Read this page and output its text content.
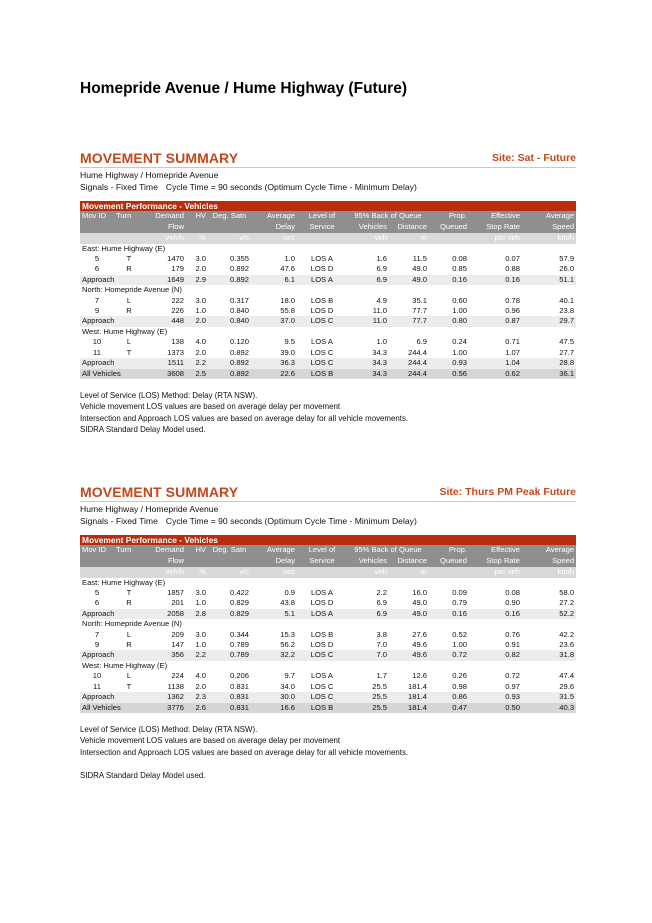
Homepride Avenue / Hume Highway (Future)
MOVEMENT SUMMARY	Site: Sat - Future
Hume Highway / Homepride Avenue
Signals - Fixed Time Cycle Time = 90 seconds (Optimum Cycle Time - Minimum Delay)
Movement Performance - Vehicles											
Mov ID	Turn	Demand	HV	Deg. Satn	Average	Level of	95% Back of Queue		Prop.	Effective	Average
		Flow			Delay	Service	Vehicles	Distance	Queued	Stop Rate	Speed
		veh/h	%	v/c	sec		veh	m		per veh	km/h
East: Hume Highway (E)											
5	T	1470	3.0	0.355	1.0	LOS A	1.6	11.5	0.08	0.07	57.9
6	R	179	2.0	0.892	47.6	LOS D	6.9	49.0	0.85	0.88	26.0
Approach		1649	2.9	0.892	6.1	LOS A	6.9	49.0	0.16	0.16	51.1
North: Homepride Avenue (N)											
7	L	222	3.0	0.317	18.0	LOS B	4.9	35.1	0.60	0.78	40.1
9	R	226	1.0	0.840	55.8	LOS D	11.0	77.7	1.00	0.96	23.8
Approach		448	2.0	0.840	37.0	LOS C	11.0	77.7	0.80	0.87	29.7
West: Hume Highway (E)											
10	L	138	4.0	0.120	9.5	LOS A	1.0	6.9	0.24	0.71	47.5
11	T	1373	2.0	0.892	39.0	LOS C	34.3	244.4	1.00	1.07	27.7
Approach		1511	2.2	0.892	36.3	LOS C	34.3	244.4	0.93	1.04	28.8
All Vehicles		3608	2.5	0.892	22.6	LOS B	34.3	244.4	0.56	0.62	36.1
Level of Service (LOS) Method: Delay (RTA NSW).
Vehicle movement LOS values are based on average delay per movement
Intersection and Approach LOS values are based on average delay for all vehicle movements.
SIDRA Standard Delay Model used.
MOVEMENT SUMMARY	Site: Thurs PM Peak Future
Hume Highway / Homepride Avenue
Signals - Fixed Time Cycle Time = 90 seconds (Optimum Cycle Time - Minimum Delay)
Movement Performance - Vehicles											
Mov ID	Turn	Demand	HV	Deg. Satn	Average	Level of	95% Back of Queue		Prop.	Effective	Average
		Flow			Delay	Service	Vehicles	Distance	Queued	Stop Rate	Speed
		veh/h	%	v/c	sec		veh	m		per veh	km/h
East: Hume Highway (E)											
5	T	1857	3.0	0.422	0.9	LOS A	2.2	16.0	0.09	0.08	58.0
6	R	201	1.0	0.829	43.8	LOS D	6.9	49.0	0.79	0.90	27.2
Approach		2058	2.8	0.829	5.1	LOS A	6.9	49.0	0.16	0.16	52.2
North: Homepride Avenue (N)											
7	L	209	3.0	0.344	15.3	LOS B	3.8	27.6	0.52	0.76	42.2
9	R	147	1.0	0.789	56.2	LOS D	7.0	49.6	1.00	0.91	23.6
Approach		356	2.2	0.789	32.2	LOS C	7.0	49.6	0.72	0.82	31.8
West: Hume Highway (E)											
10	L	224	4.0	0.206	9.7	LOS A	1.7	12.6	0.26	0.72	47.4
11	T	1138	2.0	0.831	34.0	LOS C	25.5	181.4	0.98	0.97	29.6
Approach		1362	2.3	0.831	30.0	LOS C	25.5	181.4	0.86	0.93	31.5
All Vehicles		3776	2.6	0.831	16.6	LOS B	25.5	181.4	0.47	0.50	40.3
Level of Service (LOS) Method: Delay (RTA NSW).
Vehicle movement LOS values are based on average delay per movement
Intersection and Approach LOS values are based on average delay for all vehicle movements.
SIDRA Standard Delay Model used.
